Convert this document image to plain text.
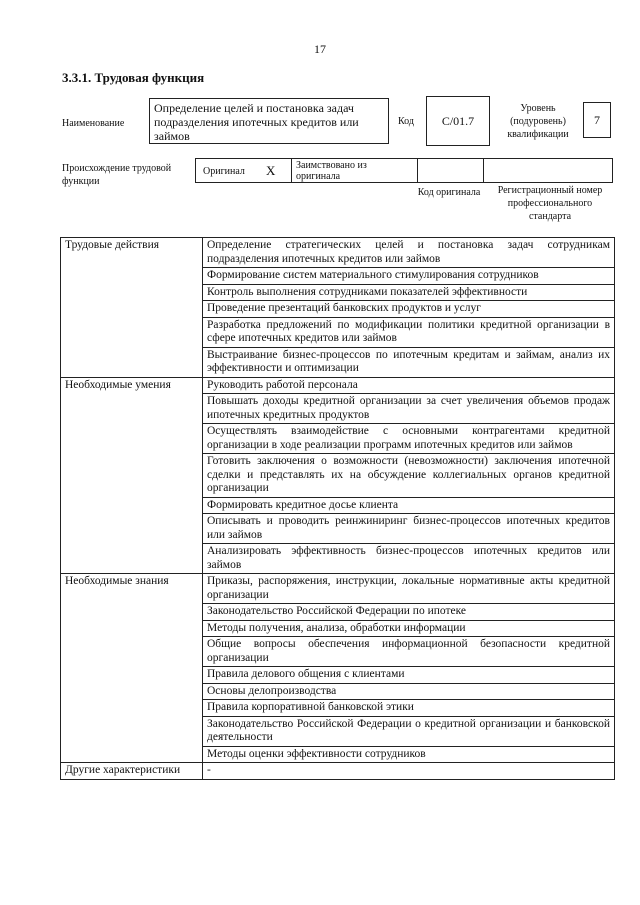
17
3.3.1. Трудовая функция
Наименование
Определение целей и постановка задач подразделения ипотечных кредитов или займов
Код	C/01.7
Уровень (подуровень) квалификации
7
Происхождение трудовой функции
Оригинал Х Заимствовано из оригинала
Код оригинала	Регистрационный номер профессионального стандарта
Трудовые действия	Определение стратегических целей и постановка задач сотрудникам подразделения ипотечных кредитов или займов
	Формирование систем материального стимулирования сотрудников
	Контроль выполнения сотрудниками показателей эффективности
	Проведение презентаций банковских продуктов и услуг
	Разработка предложений по модификации политики кредитной организации в сфере ипотечных кредитов или займов
	Выстраивание бизнес-процессов по ипотечным кредитам и займам, анализ их эффективности и оптимизации
Необходимые умения	Руководить работой персонала
	Повышать доходы кредитной организации за счет увеличения объемов продаж ипотечных кредитных продуктов
	Осуществлять взаимодействие с основными контрагентами кредитной организации в ходе реализации программ ипотечных кредитов или займов
	Готовить заключения о возможности (невозможности) заключения ипотечной сделки и представлять их на обсуждение коллегиальных органов кредитной организации
	Формировать кредитное досье клиента
	Описывать и проводить реинжиниринг бизнес-процессов ипотечных кредитов или займов
	Анализировать эффективность бизнес-процессов ипотечных кредитов или займов
Необходимые знания	Приказы, распоряжения, инструкции, локальные нормативные акты кредитной организации
	Законодательство Российской Федерации по ипотеке
	Методы получения, анализа, обработки информации
	Общие вопросы обеспечения информационной безопасности кредитной организации
	Правила делового общения с клиентами
	Основы делопроизводства
	Правила корпоративной банковской этики
	Законодательство Российской Федерации о кредитной организации и банковской деятельности
	Методы оценки эффективности сотрудников
Другие характеристики	-
